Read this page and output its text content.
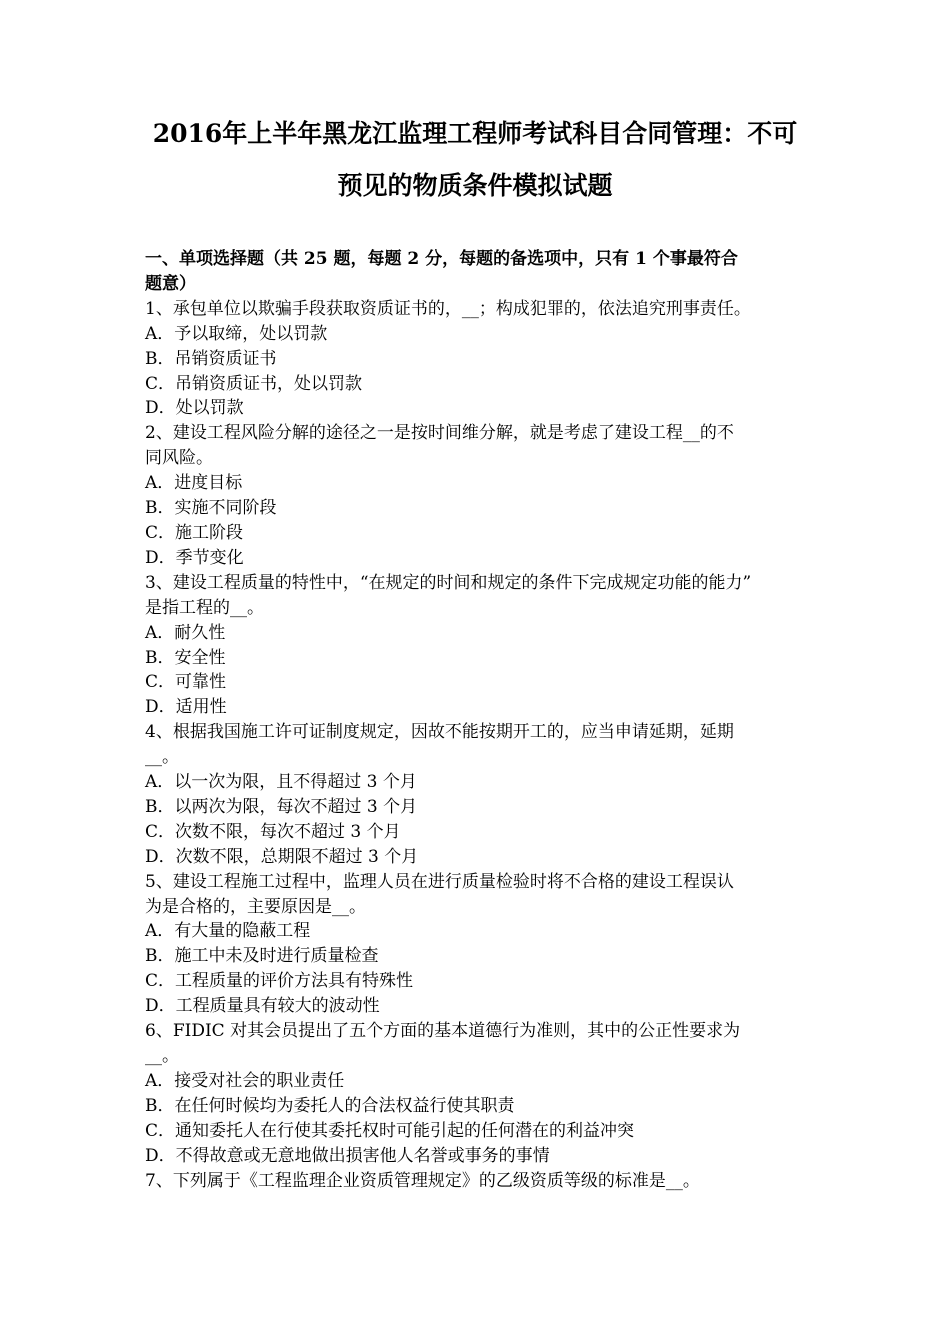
2016年上半年黑龙江监理工程师考试科目合同管理：不可
预见的物质条件模拟试题
一、单项选择题（共 25 题，每题 2 分，每题的备选项中，只有 1 个事最符合
题意）
1、承包单位以欺骗手段获取资质证书的，__；构成犯罪的，依法追究刑事责任。
A．予以取缔，处以罚款
B．吊销资质证书
C．吊销资质证书，处以罚款
D．处以罚款
2、建设工程风险分解的途径之一是按时间维分解，就是考虑了建设工程__的不
同风险。
A．进度目标
B．实施不同阶段
C．施工阶段
D．季节变化
3、建设工程质量的特性中，“在规定的时间和规定的条件下完成规定功能的能力”
是指工程的__。
A．耐久性
B．安全性
C．可靠性
D．适用性
4、根据我国施工许可证制度规定，因故不能按期开工的，应当申请延期，延期
__。
A．以一次为限，且不得超过 3 个月
B．以两次为限，每次不超过 3 个月
C．次数不限，每次不超过 3 个月
D．次数不限，总期限不超过 3 个月
5、建设工程施工过程中，监理人员在进行质量检验时将不合格的建设工程误认
为是合格的，主要原因是__。
A．有大量的隐蔽工程
B．施工中未及时进行质量检查
C．工程质量的评价方法具有特殊性
D．工程质量具有较大的波动性
6、FIDIC 对其会员提出了五个方面的基本道德行为准则，其中的公正性要求为
__。
A．接受对社会的职业责任
B．在任何时候均为委托人的合法权益行使其职责
C．通知委托人在行使其委托权时可能引起的任何潜在的利益冲突
D．不得故意或无意地做出损害他人名誉或事务的事情
7、下列属于《工程监理企业资质管理规定》的乙级资质等级的标准是__。
